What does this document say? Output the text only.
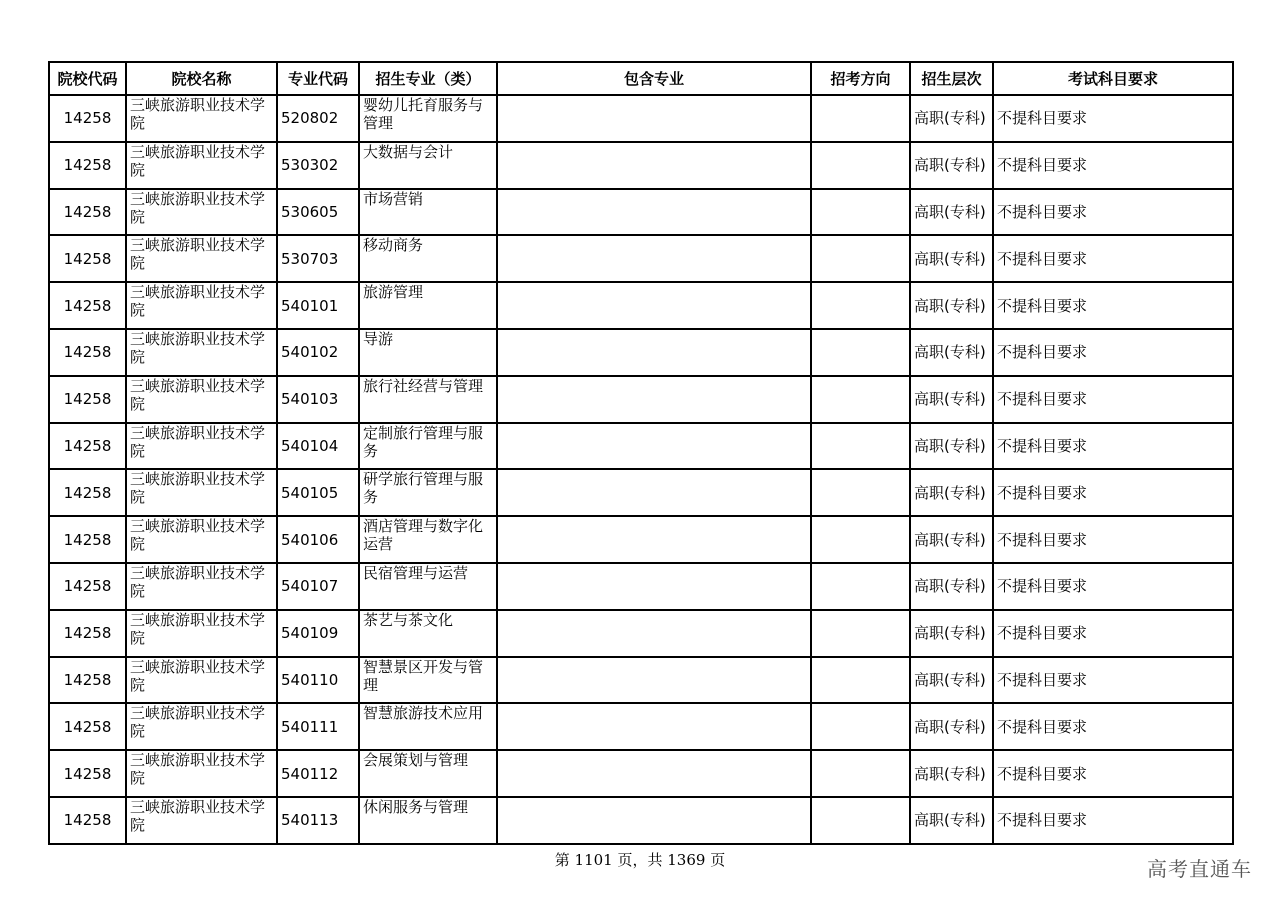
院校代码	院校名称	专业代码	招生专业（类）	包含专业	招考方向	招生层次	考试科目要求
14258	三峡旅游职业技术学院	520802	婴幼儿托育服务与管理			高职(专科)	不提科目要求
14258	三峡旅游职业技术学院	530302	大数据与会计			高职(专科)	不提科目要求
14258	三峡旅游职业技术学院	530605	市场营销			高职(专科)	不提科目要求
14258	三峡旅游职业技术学院	530703	移动商务			高职(专科)	不提科目要求
14258	三峡旅游职业技术学院	540101	旅游管理			高职(专科)	不提科目要求
14258	三峡旅游职业技术学院	540102	导游			高职(专科)	不提科目要求
14258	三峡旅游职业技术学院	540103	旅行社经营与管理			高职(专科)	不提科目要求
14258	三峡旅游职业技术学院	540104	定制旅行管理与服务			高职(专科)	不提科目要求
14258	三峡旅游职业技术学院	540105	研学旅行管理与服务			高职(专科)	不提科目要求
14258	三峡旅游职业技术学院	540106	酒店管理与数字化运营			高职(专科)	不提科目要求
14258	三峡旅游职业技术学院	540107	民宿管理与运营			高职(专科)	不提科目要求
14258	三峡旅游职业技术学院	540109	茶艺与茶文化			高职(专科)	不提科目要求
14258	三峡旅游职业技术学院	540110	智慧景区开发与管理			高职(专科)	不提科目要求
14258	三峡旅游职业技术学院	540111	智慧旅游技术应用			高职(专科)	不提科目要求
14258	三峡旅游职业技术学院	540112	会展策划与管理			高职(专科)	不提科目要求
14258	三峡旅游职业技术学院	540113	休闲服务与管理			高职(专科)	不提科目要求
第 1101 页，共 1369 页	高考直通车
